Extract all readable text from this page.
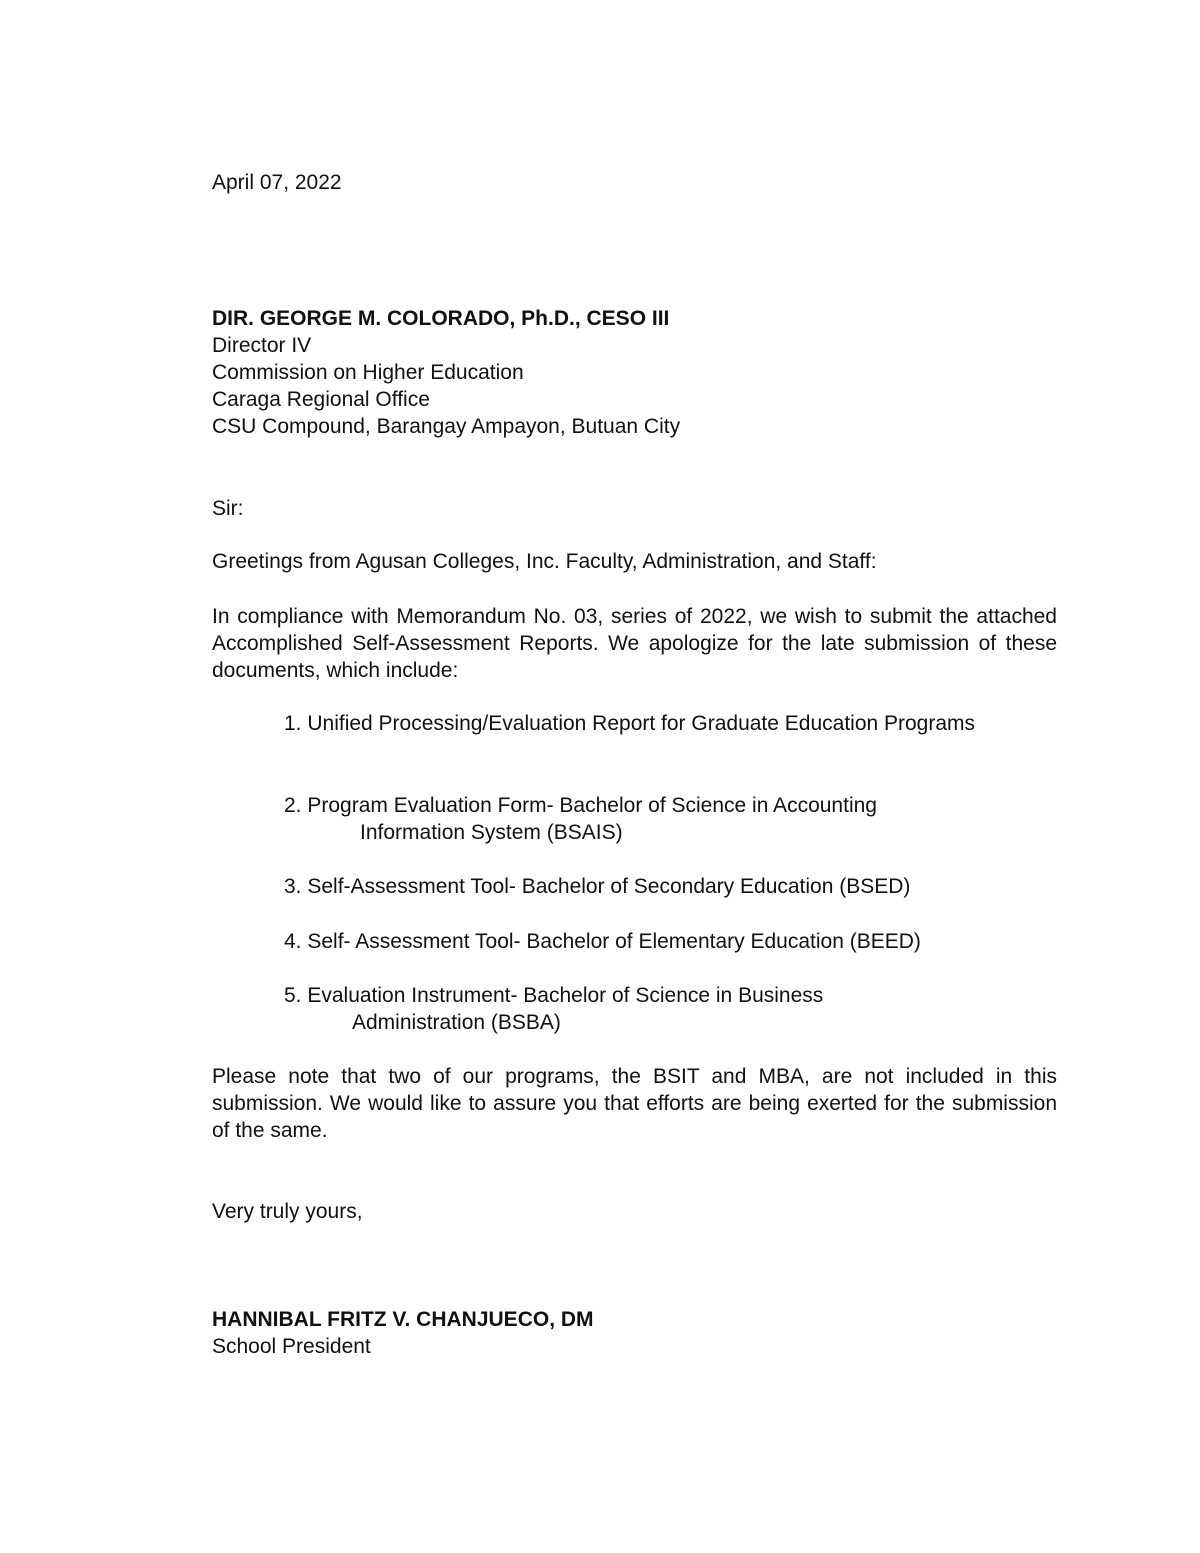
April 07, 2022
DIR. GEORGE M. COLORADO, Ph.D., CESO III
Director IV
Commission on Higher Education
Caraga Regional Office
CSU Compound, Barangay Ampayon, Butuan City
Sir:
Greetings from Agusan Colleges, Inc. Faculty, Administration, and Staff:
In compliance with Memorandum No. 03, series of 2022, we wish to submit the attached Accomplished Self-Assessment Reports. We apologize for the late submission of these documents, which include:
1. Unified Processing/Evaluation Report for Graduate Education Programs
2. Program Evaluation Form- Bachelor of Science in Accounting
Information System (BSAIS)
3. Self-Assessment Tool- Bachelor of Secondary Education (BSED)
4. Self- Assessment Tool- Bachelor of Elementary Education (BEED)
5. Evaluation Instrument- Bachelor of Science in Business
Administration (BSBA)
Please note that two of our programs, the BSIT and MBA, are not included in this submission. We would like to assure you that efforts are being exerted for the submission of the same.
Very truly yours,
HANNIBAL FRITZ V. CHANJUECO, DM
School President
